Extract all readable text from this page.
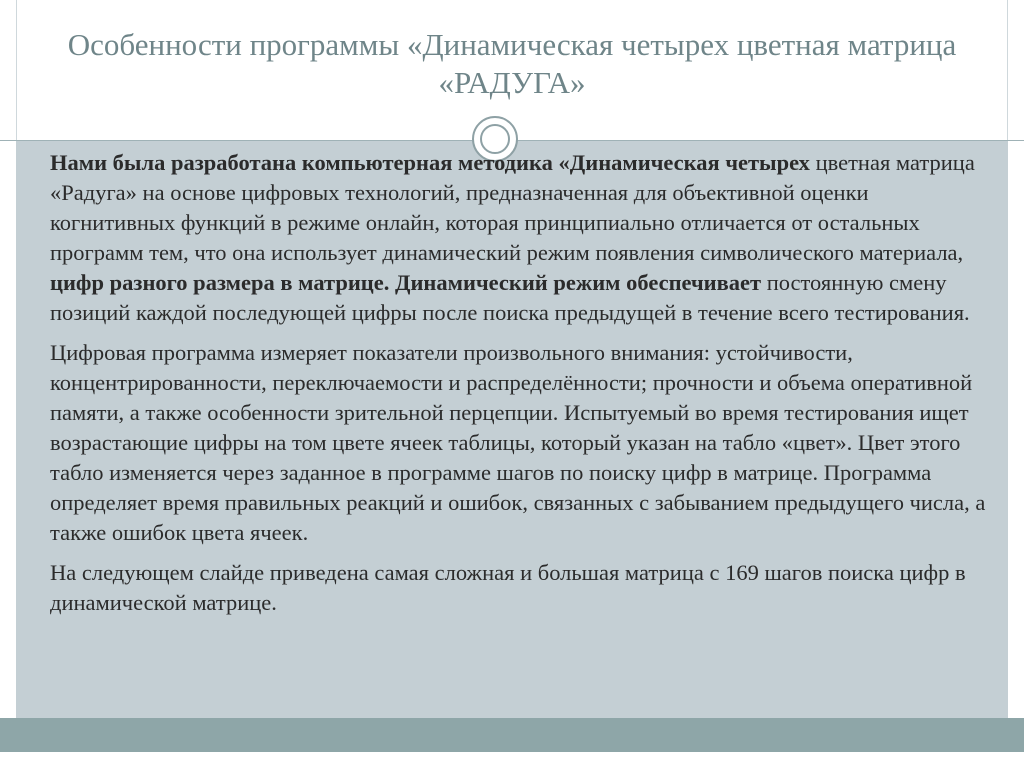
Особенности программы «Динамическая четырех цветная матрица «РАДУГА»

Нами была разработана компьютерная методика «Динамическая четырех цветная матрица «Радуга» на основе цифровых технологий, предназначенная для объективной оценки когнитивных функций в режиме онлайн, которая принципиально отличается от остальных программ тем, что она использует динамический режим появления символического материала, цифр разного размера в матрице. Динамический режим обеспечивает постоянную смену позиций каждой последующей цифры после поиска предыдущей в течение всего тестирования.

Цифровая программа измеряет показатели произвольного внимания: устойчивости, концентрированности, переключаемости и распределённости; прочности и объема оперативной памяти, а также особенности зрительной перцепции. Испытуемый во время тестирования ищет возрастающие цифры на том цвете ячеек таблицы, который указан на табло «цвет». Цвет этого табло изменяется через заданное в программе шагов по поиску цифр в матрице. Программа определяет время правильных реакций и ошибок, связанных с забыванием предыдущего числа, а также ошибок цвета ячеек.

На следующем слайде приведена самая сложная и большая матрица с 169 шагов поиска цифр в динамической матрице.
